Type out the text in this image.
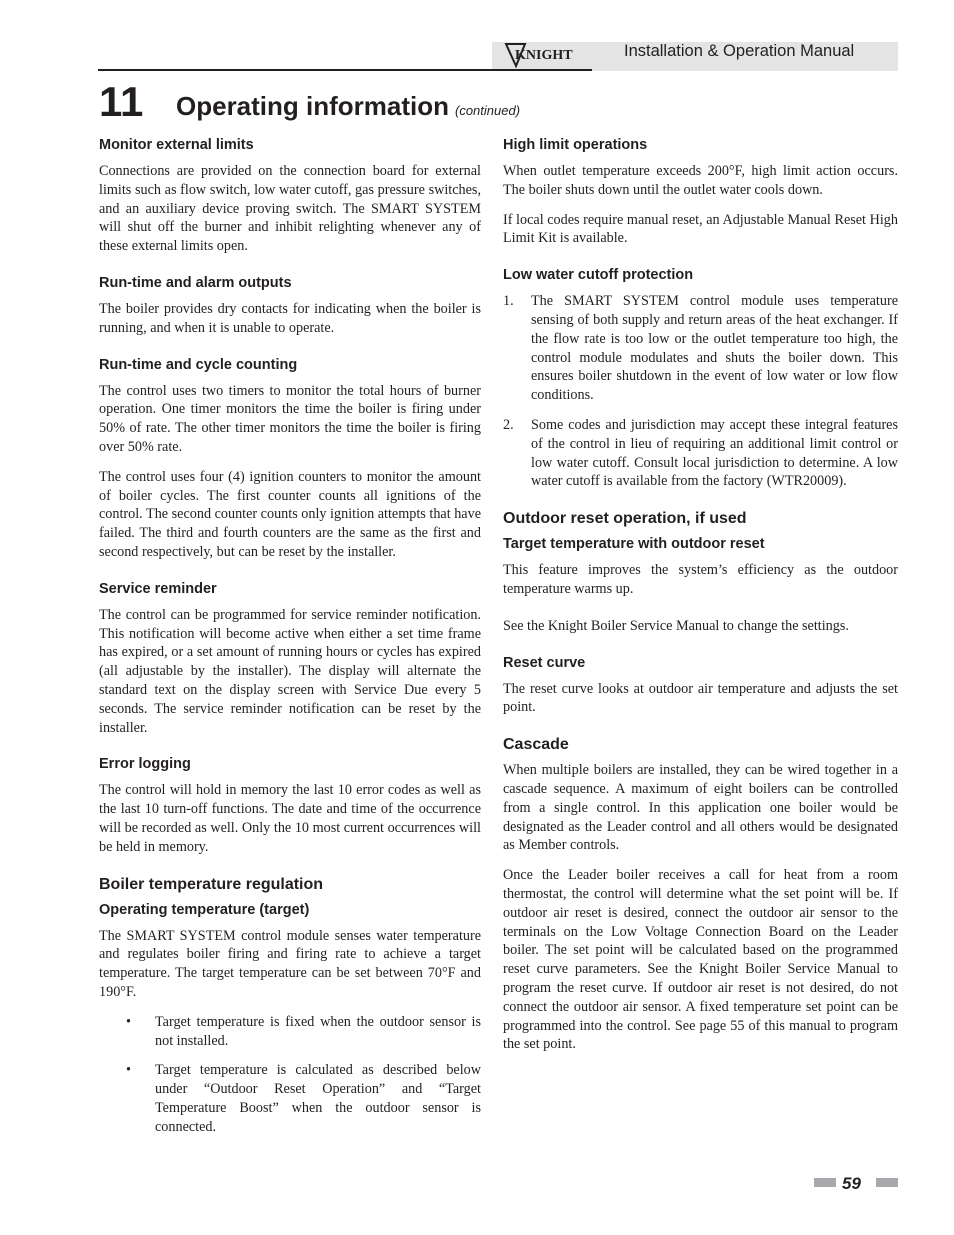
KNIGHT	Installation & Operation Manual
11 Operating information (continued)
Monitor external limits

Connections are provided on the connection board for external limits such as flow switch, low water cutoff, gas pressure switches, and an auxiliary device proving switch. The SMART SYSTEM will shut off the burner and inhibit relighting whenever any of these external limits open.

Run-time and alarm outputs

The boiler provides dry contacts for indicating when the boiler is running, and when it is unable to operate.

Run-time and cycle counting

The control uses two timers to monitor the total hours of burner operation. One timer monitors the time the boiler is firing under 50% of rate. The other timer monitors the time the boiler is firing over 50% rate.

The control uses four (4) ignition counters to monitor the amount of boiler cycles. The first counter counts all ignitions of the control. The second counter counts only ignition attempts that have failed. The third and fourth counters are the same as the first and second respectively, but can be reset by the installer.

Service reminder

The control can be programmed for service reminder notification. This notification will become active when either a set time frame has expired, or a set amount of running hours or cycles has expired (all adjustable by the installer). The display will alternate the standard text on the display screen with Service Due every 5 seconds. The service reminder notification can be reset by the installer.

Error logging

The control will hold in memory the last 10 error codes as well as the last 10 turn-off functions. The date and time of the occurrence will be recorded as well. Only the 10 most current occurrences will be held in memory.

Boiler temperature regulation
Operating temperature (target)

The SMART SYSTEM control module senses water temperature and regulates boiler firing and firing rate to achieve a target temperature. The target temperature can be set between 70°F and 190°F.

• Target temperature is fixed when the outdoor sensor is not installed.
• Target temperature is calculated as described below under “Outdoor Reset Operation” and “Target Temperature Boost” when the outdoor sensor is connected.
High limit operations

When outlet temperature exceeds 200°F, high limit action occurs. The boiler shuts down until the outlet water cools down.

If local codes require manual reset, an Adjustable Manual Reset High Limit Kit is available.

Low water cutoff protection
1. The SMART SYSTEM control module uses temperature sensing of both supply and return areas of the heat exchanger. If the flow rate is too low or the outlet temperature too high, the control module modulates and shuts the boiler down. This ensures boiler shutdown in the event of low water or low flow conditions.
2. Some codes and jurisdiction may accept these integral features of the control in lieu of requiring an additional limit control or low water cutoff. Consult local jurisdiction to determine. A low water cutoff is available from the factory (WTR20009).
Outdoor reset operation, if used
Target temperature with outdoor reset

This feature improves the system’s efficiency as the outdoor temperature warms up.

See the Knight Boiler Service Manual to change the settings.

Reset curve

The reset curve looks at outdoor air temperature and adjusts the set point.

Cascade

When multiple boilers are installed, they can be wired together in a cascade sequence. A maximum of eight boilers can be controlled from a single control. In this application one boiler would be designated as the Leader control and all others would be designated as Member controls.

Once the Leader boiler receives a call for heat from a room thermostat, the control will determine what the set point will be. If outdoor air reset is desired, connect the outdoor air sensor to the terminals on the Low Voltage Connection Board on the Leader boiler. The set point will be calculated based on the programmed reset curve parameters. See the Knight Boiler Service Manual to program the reset curve. If outdoor air reset is not desired, do not connect the outdoor air sensor. A fixed temperature set point can be programmed into the control. See page 55 of this manual to program the set point.

59
